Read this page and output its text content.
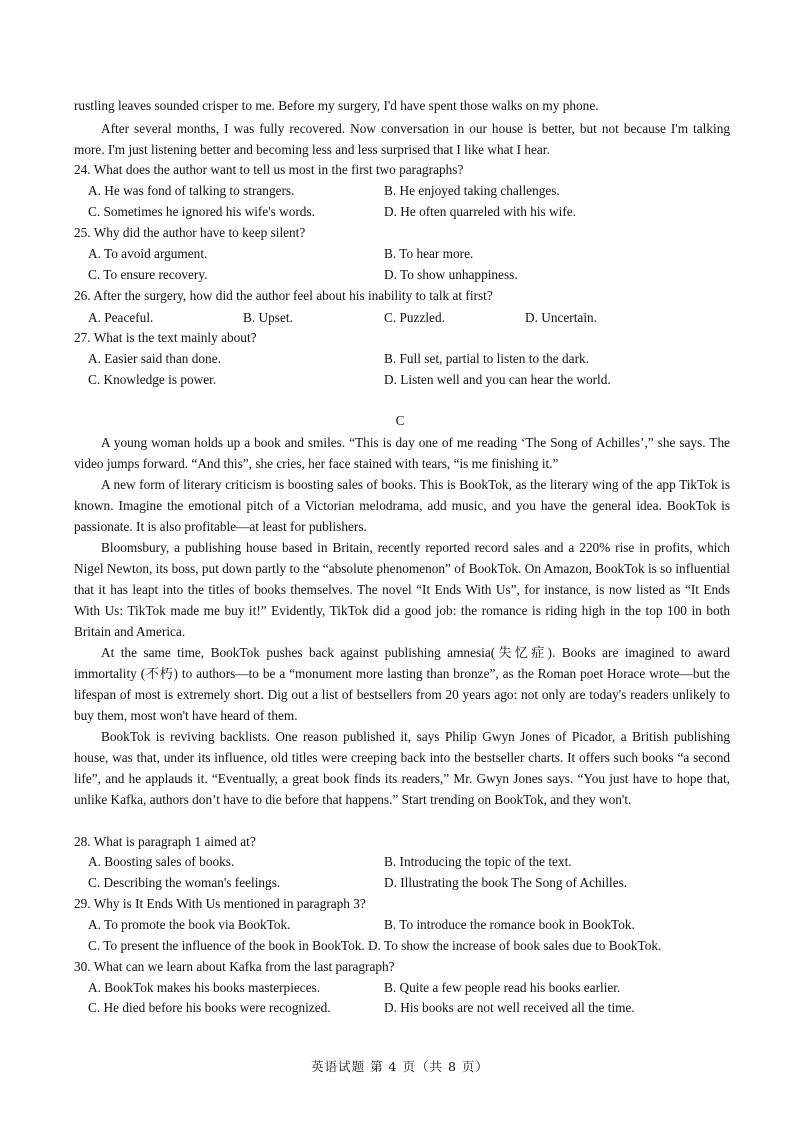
rustling leaves sounded crisper to me. Before my surgery, I'd have spent those walks on my phone.

After several months, I was fully recovered. Now conversation in our house is better, but not because I'm talking more. I'm just listening better and becoming less and less surprised that I like what I hear.

24. What does the author want to tell us most in the first two paragraphs?
A. He was fond of talking to strangers.	B. He enjoyed taking challenges.
C. Sometimes he ignored his wife's words.	D. He often quarreled with his wife.
25. Why did the author have to keep silent?
A. To avoid argument.	B. To hear more.
C. To ensure recovery.	D. To show unhappiness.
26. After the surgery, how did the author feel about his inability to talk at first?
A. Peaceful.	B. Upset.	C. Puzzled.	D. Uncertain.
27. What is the text mainly about?
A. Easier said than done.	B. Full set, partial to listen to the dark.
C. Knowledge is power.	D. Listen well and you can hear the world.
C

A young woman holds up a book and smiles. “This is day one of me reading ‘The Song of Achilles’,” she says. The video jumps forward. “And this”, she cries, her face stained with tears, “is me finishing it.”

A new form of literary criticism is boosting sales of books. This is BookTok, as the literary wing of the app TikTok is known. Imagine the emotional pitch of a Victorian melodrama, add music, and you have the general idea. BookTok is passionate. It is also profitable—at least for publishers.

Bloomsbury, a publishing house based in Britain, recently reported record sales and a 220% rise in profits, which Nigel Newton, its boss, put down partly to the “absolute phenomenon” of BookTok. On Amazon, BookTok is so influential that it has leapt into the titles of books themselves. The novel “It Ends With Us”, for instance, is now listed as “It Ends With Us: TikTok made me buy it!” Evidently, TikTok did a good job: the romance is riding high in the top 100 in both Britain and America.

At the same time, BookTok pushes back against publishing amnesia(失忆症). Books are imagined to award immortality (不朽) to authors—to be a “monument more lasting than bronze”, as the Roman poet Horace wrote—but the lifespan of most is extremely short. Dig out a list of bestsellers from 20 years ago: not only are today's readers unlikely to buy them, most won't have heard of them.

BookTok is reviving backlists. One reason published it, says Philip Gwyn Jones of Picador, a British publishing house, was that, under its influence, old titles were creeping back into the bestseller charts. It offers such books “a second life”, and he applauds it. “Eventually, a great book finds its readers,” Mr. Gwyn Jones says. “You just have to hope that, unlike Kafka, authors don’t have to die before that happens.” Start trending on BookTok, and they won't.

28. What is paragraph 1 aimed at?
A. Boosting sales of books.	B. Introducing the topic of the text.
C. Describing the woman's feelings.	D. Illustrating the book The Song of Achilles.
29. Why is It Ends With Us mentioned in paragraph 3?
A. To promote the book via BookTok.	B. To introduce the romance book in BookTok.
C. To present the influence of the book in BookTok. D. To show the increase of book sales due to BookTok.
30. What can we learn about Kafka from the last paragraph?
A. BookTok makes his books masterpieces.	B. Quite a few people read his books earlier.
C. He died before his books were recognized.	D. His books are not well received all the time.
英语试题 第 4 页（共 8 页）
